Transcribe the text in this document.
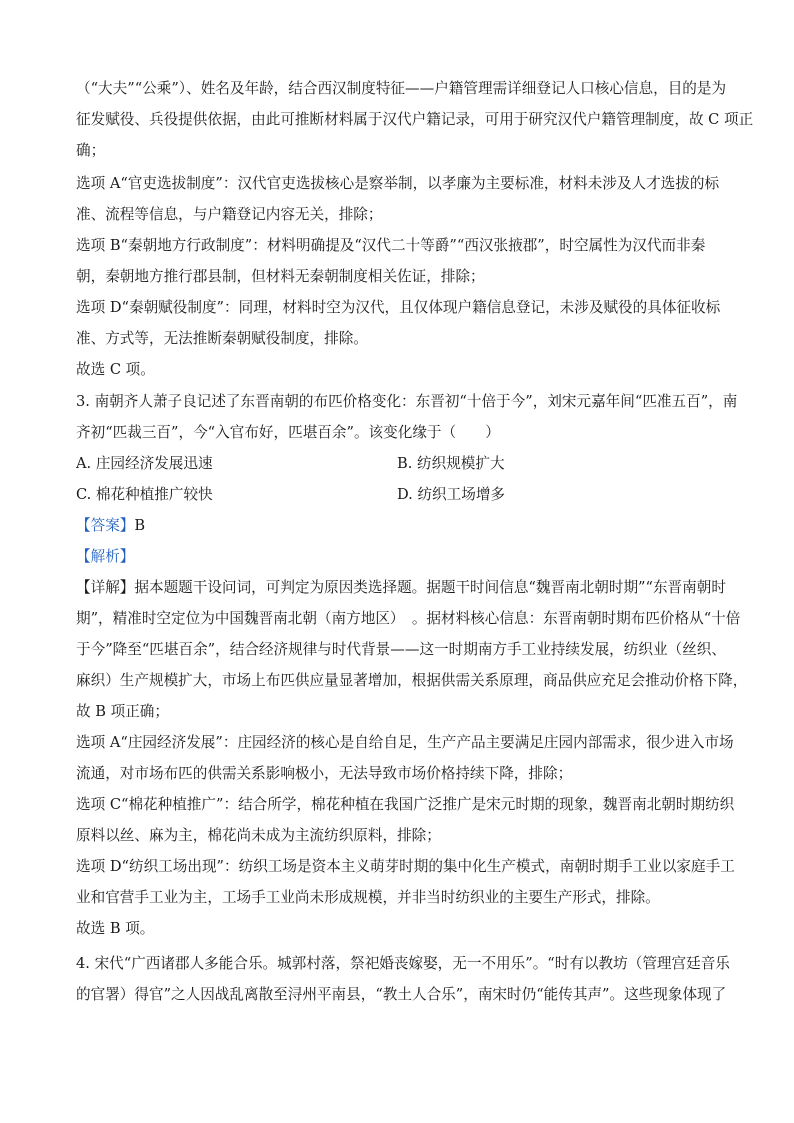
（“大夫”“公乘”）、姓名及年龄，结合西汉制度特征——户籍管理需详细登记人口核心信息，目的是为
征发赋役、兵役提供依据，由此可推断材料属于汉代户籍记录，可用于研究汉代户籍管理制度，故 C 项正
确；
选项 A“官吏选拔制度”：汉代官吏选拔核心是察举制，以孝廉为主要标准，材料未涉及人才选拔的标
准、流程等信息，与户籍登记内容无关，排除；
选项 B“秦朝地方行政制度”：材料明确提及“汉代二十等爵”“西汉张掖郡”，时空属性为汉代而非秦
朝，秦朝地方推行郡县制，但材料无秦朝制度相关佐证，排除；
选项 D“秦朝赋役制度”：同理，材料时空为汉代，且仅体现户籍信息登记，未涉及赋役的具体征收标
准、方式等，无法推断秦朝赋役制度，排除。
故选 C 项。
3. 南朝齐人萧子良记述了东晋南朝的布匹价格变化：东晋初“十倍于今”，刘宋元嘉年间“匹准五百”，南
齐初“匹裁三百”，今“入官布好，匹堪百余”。该变化缘于（　　）
A. 庄园经济发展迅速	B. 纺织规模扩大
C. 棉花种植推广较快	D. 纺织工场增多
【答案】B
【解析】
【详解】据本题题干设问词，可判定为原因类选择题。据题干时间信息“魏晋南北朝时期”“东晋南朝时
期”，精准时空定位为中国魏晋南北朝（南方地区）　。据材料核心信息：东晋南朝时期布匹价格从“十倍
于今”降至“匹堪百余”，结合经济规律与时代背景——这一时期南方手工业持续发展，纺织业（丝织、
麻织）生产规模扩大，市场上布匹供应量显著增加，根据供需关系原理，商品供应充足会推动价格下降，
故 B 项正确；
选项 A“庄园经济发展”：庄园经济的核心是自给自足，生产产品主要满足庄园内部需求，很少进入市场
流通，对市场布匹的供需关系影响极小，无法导致市场价格持续下降，排除；
选项 C“棉花种植推广”：结合所学，棉花种植在我国广泛推广是宋元时期的现象，魏晋南北朝时期纺织
原料以丝、麻为主，棉花尚未成为主流纺织原料，排除；
选项 D“纺织工场出现”：纺织工场是资本主义萌芽时期的集中化生产模式，南朝时期手工业以家庭手工
业和官营手工业为主，工场手工业尚未形成规模，并非当时纺织业的主要生产形式，排除。
故选 B 项。
4. 宋代“广西诸郡人多能合乐。城郭村落，祭祀婚丧嫁娶，无一不用乐”。“时有以教坊（管理宫廷音乐
的官署）得官”之人因战乱离散至浔州平南县，“教土人合乐”，南宋时仍“能传其声”。这些现象体现了
